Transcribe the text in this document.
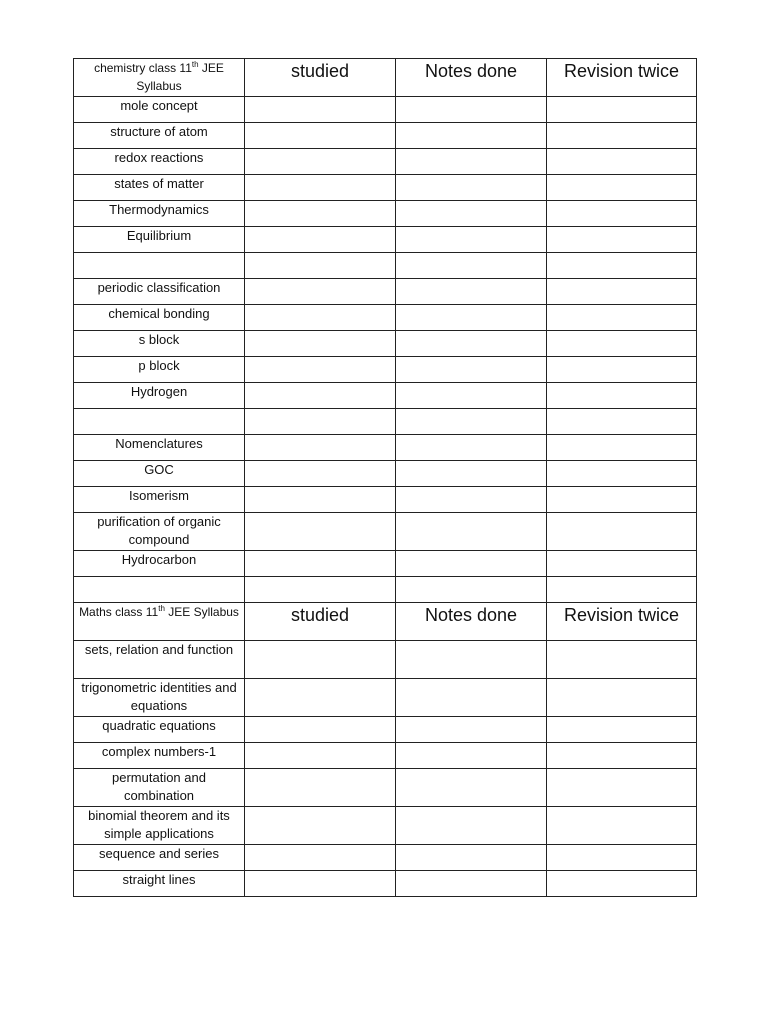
chemistry class 11th JEE Syllabus	studied	Notes done	Revision twice
mole concept			
structure of atom			
redox reactions			
states of matter			
Thermodynamics			
Equilibrium			

periodic classification			
chemical bonding			
s block			
p block			
Hydrogen			

Nomenclatures			
GOC			
Isomerism			
purification of organic compound			
Hydrocarbon			

Maths class 11th JEE Syllabus	studied	Notes done	Revision twice
sets, relation and function			
trigonometric identities and equations			
quadratic equations			
complex numbers-1			
permutation and combination			
binomial theorem and its simple applications			
sequence and series			
straight lines			
